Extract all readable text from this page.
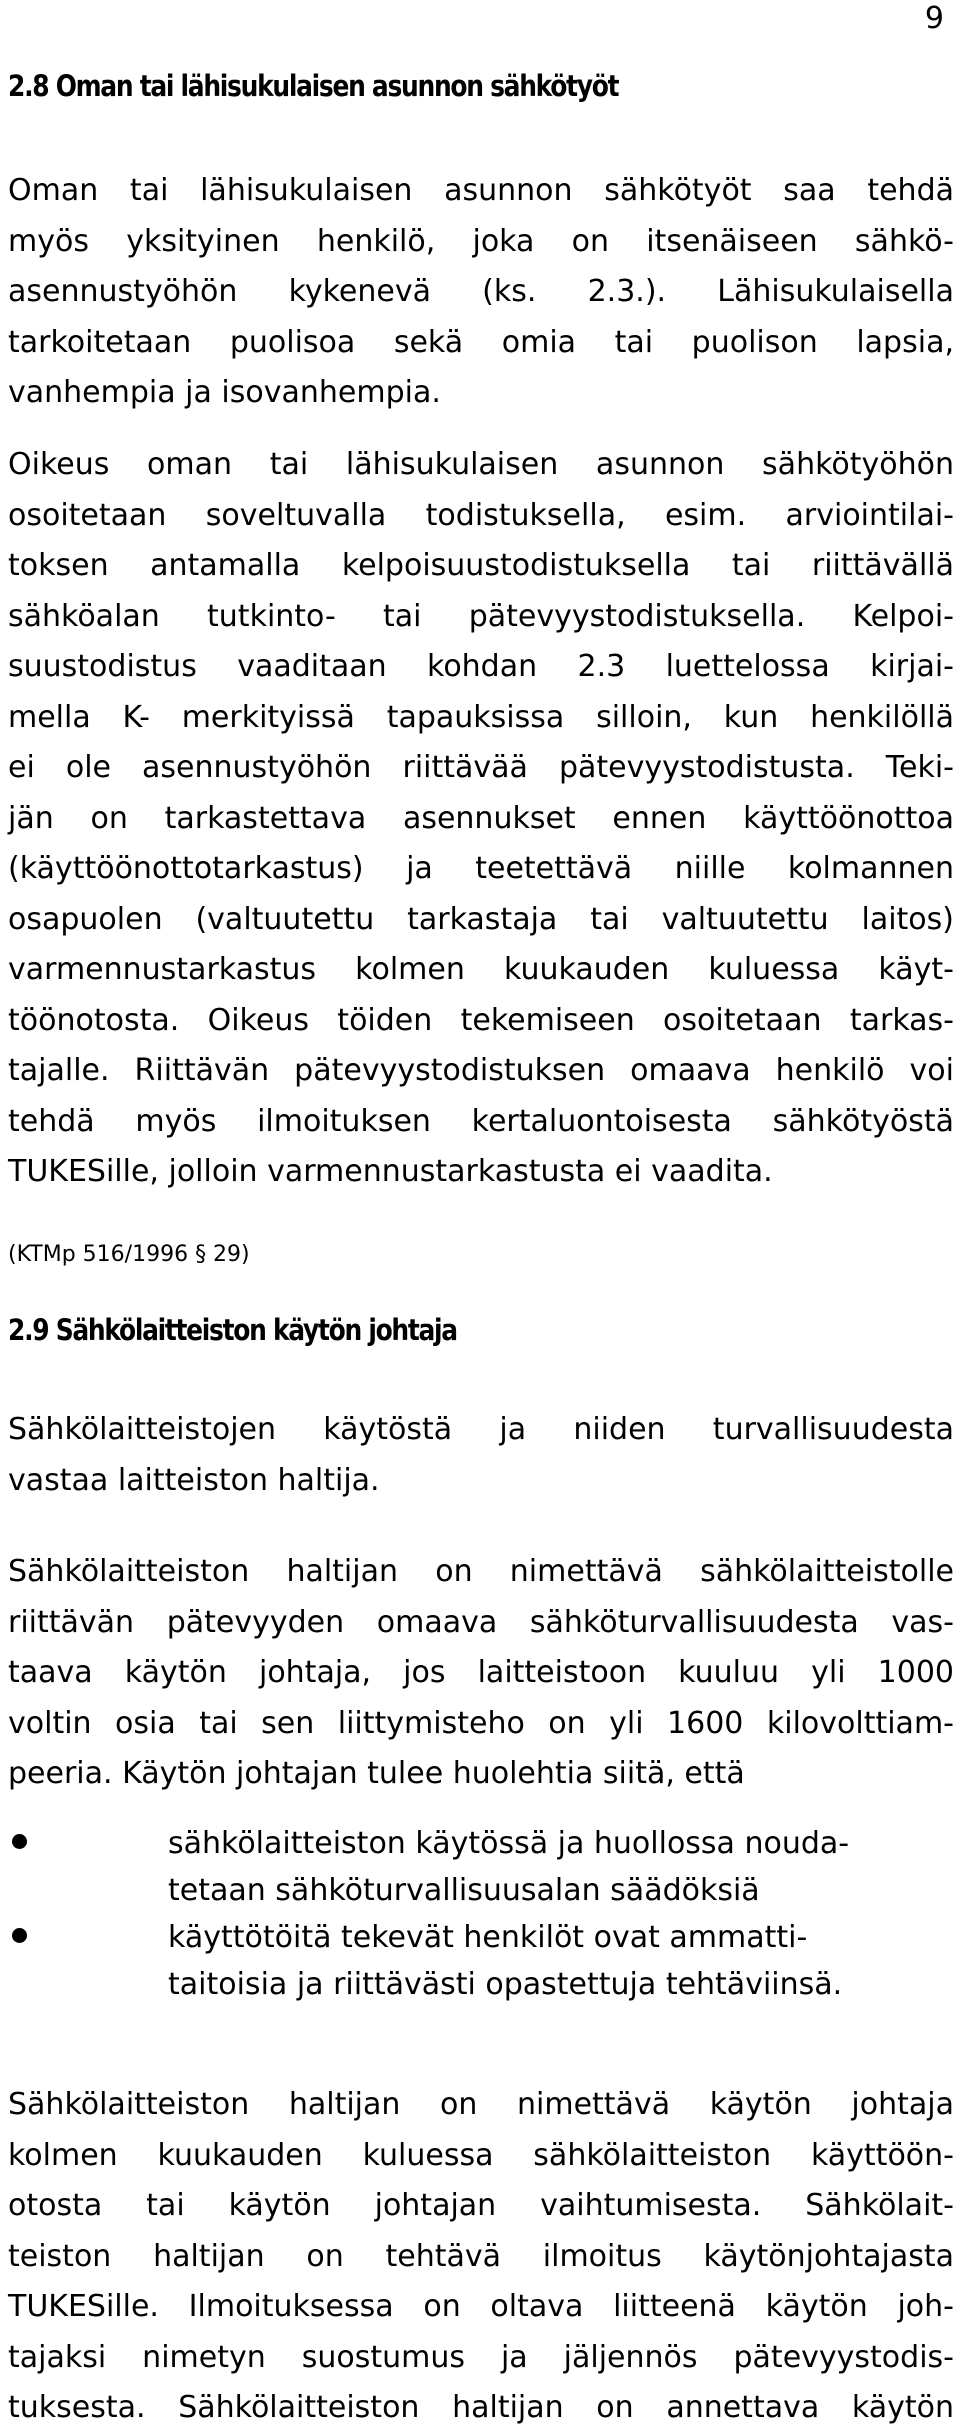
9
2.8 Oman tai lähisukulaisen asunnon sähkötyöt

Oman tai lähisukulaisen asunnon sähkötyöt saa tehdä
myös yksityinen henkilö, joka on itsenäiseen sähkö-
asennustyöhön kykenevä (ks. 2.3.). Lähisukulaisella
tarkoitetaan puolisoa sekä omia tai puolison lapsia,
vanhempia ja isovanhempia.

Oikeus oman tai lähisukulaisen asunnon sähkötyöhön
osoitetaan soveltuvalla todistuksella, esim. arviointilai-
toksen antamalla kelpoisuustodistuksella tai riittävällä
sähköalan tutkinto- tai pätevyystodistuksella. Kelpoi-
suustodistus vaaditaan kohdan 2.3 luettelossa kirjai-
mella K- merkityissä tapauksissa silloin, kun henkilöllä
ei ole asennustyöhön riittävää pätevyystodistusta. Teki-
jän on tarkastettava asennukset ennen käyttöönottoa
(käyttöönottotarkastus) ja teetettävä niille kolmannen
osapuolen (valtuutettu tarkastaja tai valtuutettu laitos)
varmennustarkastus kolmen kuukauden kuluessa käyt-
töönotosta. Oikeus töiden tekemiseen osoitetaan tarkas-
tajalle. Riittävän pätevyystodistuksen omaava henkilö voi
tehdä myös ilmoituksen kertaluontoisesta sähkötyöstä
TUKESille, jolloin varmennustarkastusta ei vaadita.

(KTMp 516/1996 § 29)

2.9 Sähkölaitteiston käytön johtaja

Sähkölaitteistojen käytöstä ja niiden turvallisuudesta
vastaa laitteiston haltija.

Sähkölaitteiston haltijan on nimettävä sähkölaitteistolle
riittävän pätevyyden omaava sähköturvallisuudesta vas-
taava käytön johtaja, jos laitteistoon kuuluu yli 1000
voltin osia tai sen liittymisteho on yli 1600 kilovolttiam-
peeria. Käytön johtajan tulee huolehtia siitä, että

sähkölaitteiston käytössä ja huollossa nouda-
tetaan sähköturvallisuusalan säädöksiä
käyttötöitä tekevät henkilöt ovat ammatti-
taitoisia ja riittävästi opastettuja tehtäviinsä.

Sähkölaitteiston haltijan on nimettävä käytön johtaja
kolmen kuukauden kuluessa sähkölaitteiston käyttöön-
otosta tai käytön johtajan vaihtumisesta. Sähkölait-
teiston haltijan on tehtävä ilmoitus käytönjohtajasta
TUKESille. Ilmoituksessa on oltava liitteenä käytön joh-
tajaksi nimetyn suostumus ja jäljennös pätevyystodis-
tuksesta. Sähkölaitteiston haltijan on annettava käytön
